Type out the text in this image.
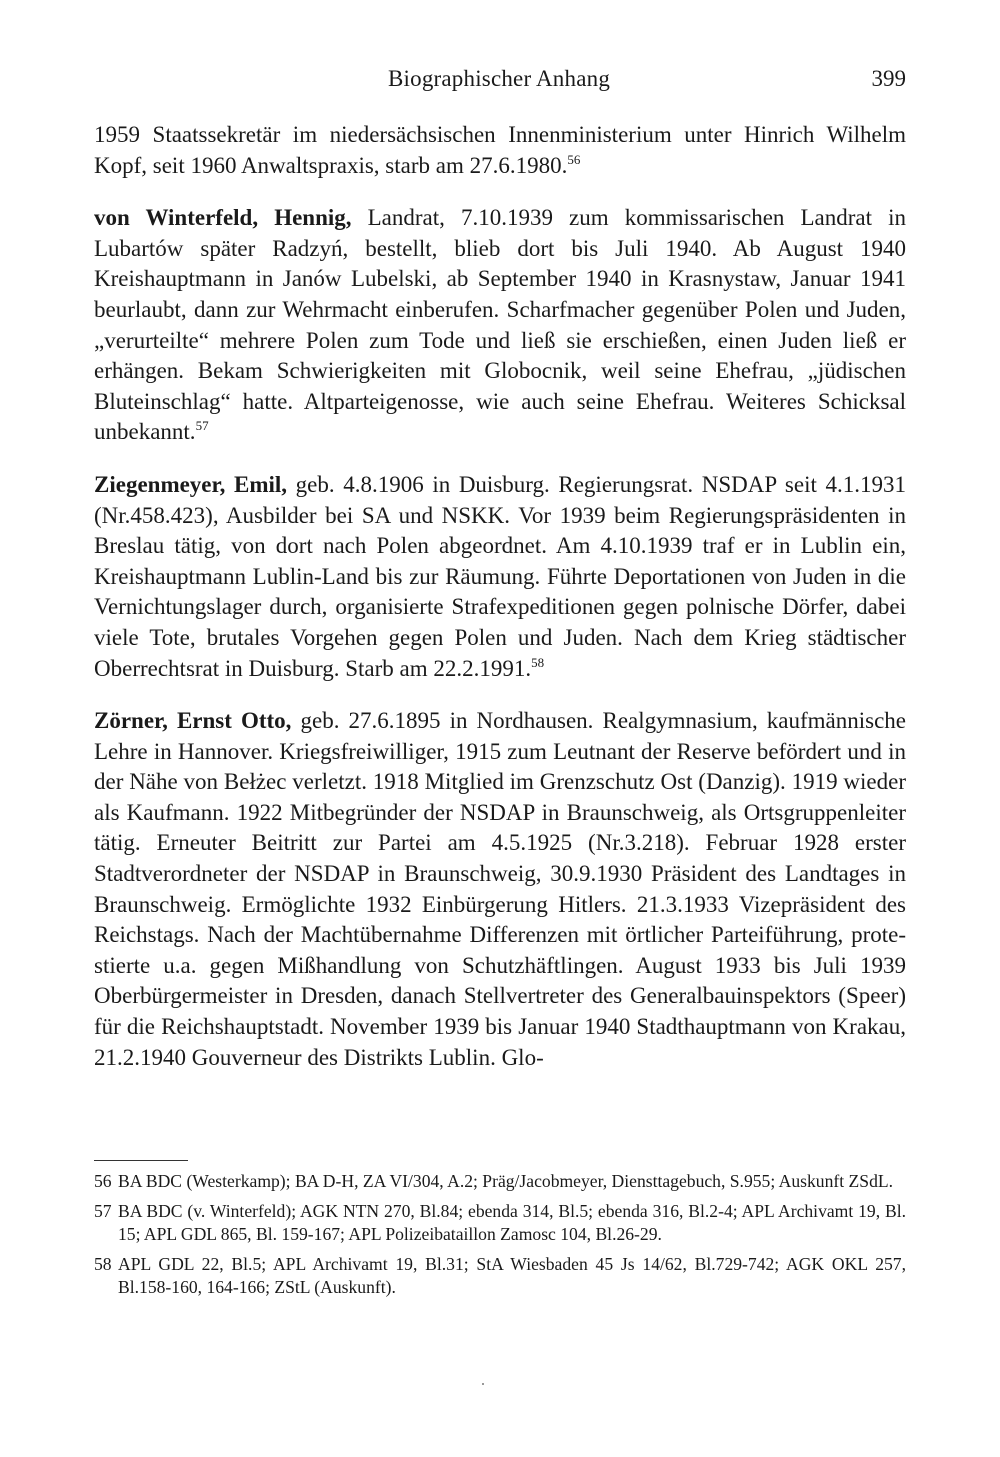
Biographischer Anhang	399

1959 Staatssekretär im niedersächsischen Innenministerium unter Hinrich Wilhelm Kopf, seit 1960 Anwaltspraxis, starb am 27.6.1980.56

von Winterfeld, Hennig, Landrat, 7.10.1939 zum kommissarischen Landrat in Lubartów später Radzyń, bestellt, blieb dort bis Juli 1940. Ab August 1940 Kreishauptmann in Janów Lubelski, ab September 1940 in Krasnystaw, Januar 1941 beurlaubt, dann zur Wehrmacht einberufen. Scharfmacher gegenüber Polen und Juden, „verurteilte“ mehrere Polen zum Tode und ließ sie erschießen, einen Juden ließ er erhängen. Bekam Schwierigkeiten mit Globocnik, weil seine Ehefrau, „jüdischen Bluteinschlag“ hatte. Altparteigenosse, wie auch seine Ehefrau. Weiteres Schicksal unbekannt.$^{57}$

Ziegenmeyer, Emil, geb. 4.8.1906 in Duisburg. Regierungsrat. NSDAP seit 4.1.1931 (Nr.458.423), Ausbilder bei SA und NSKK. Vor 1939 beim Regierungspräsidenten in Breslau tätig, von dort nach Polen abgeordnet. Am 4.10.1939 traf er in Lublin ein, Kreishauptmann Lublin-Land bis zur Räumung. Führte Deportationen von Juden in die Vernichtungslager durch, organisierte Strafexpeditionen gegen polnische Dörfer, dabei viele Tote, brutales Vorgehen gegen Polen und Juden. Nach dem Krieg städtischer Oberrechtsrat in Duisburg. Starb am 22.2.1991.58

Zörner, Ernst Otto, geb. 27.6.1895 in Nordhausen. Realgymnasium, kaufmännische Lehre in Hannover. Kriegsfreiwilliger, 1915 zum Leutnant der Reserve befördert und in der Nähe von Bełżec verletzt. 1918 Mitglied im Grenzschutz Ost (Danzig). 1919 wieder als Kaufmann. 1922 Mitbegründer der NSDAP in Braunschweig, als Ortsgruppenleiter tätig. Erneuter Beitritt zur Partei am 4.5.1925 (Nr.3.218). Februar 1928 erster Stadtverordneter der NSDAP in Braunschweig, 30.9.1930 Präsident des Landtages in Braunschweig. Ermöglichte 1932 Einbürgerung Hitlers. 21.3.1933 Vizepräsident des Reichstags. Nach der Machtübernahme Differenzen mit örtlicher Parteiführung, protestierte u.a. gegen Mißhandlung von Schutzhäftlingen. August 1933 bis Juli 1939 Oberbürgermeister in Dresden, danach Stellvertreter des Generalbauinspektors (Speer) für die Reichshauptstadt. November 1939 bis Januar 1940 Stadthauptmann von Krakau, 21.2.1940 Gouverneur des Distrikts Lublin. Glo-

56 BA BDC (Westerkamp); BA D-H, ZA VI/304, A.2; Präg/Jacobmeyer, Diensttagebuch, S.955; Auskunft ZSdL.

57 BA BDC (v. Winterfeld); AGK NTN 270, Bl.84; ebenda 314, Bl.5; ebenda 316, Bl.2-4; APL Archivamt 19, Bl. 15; APL GDL 865, Bl. 159-167; APL Polizeibataillon Zamosc 104, Bl.26-29.

58 APL GDL 22, Bl.5; APL Archivamt 19, Bl.31; StA Wiesbaden 45 Js 14/62, Bl.729-742; AGK OKL 257, Bl.158-160, 164-166; ZStL (Auskunft).
